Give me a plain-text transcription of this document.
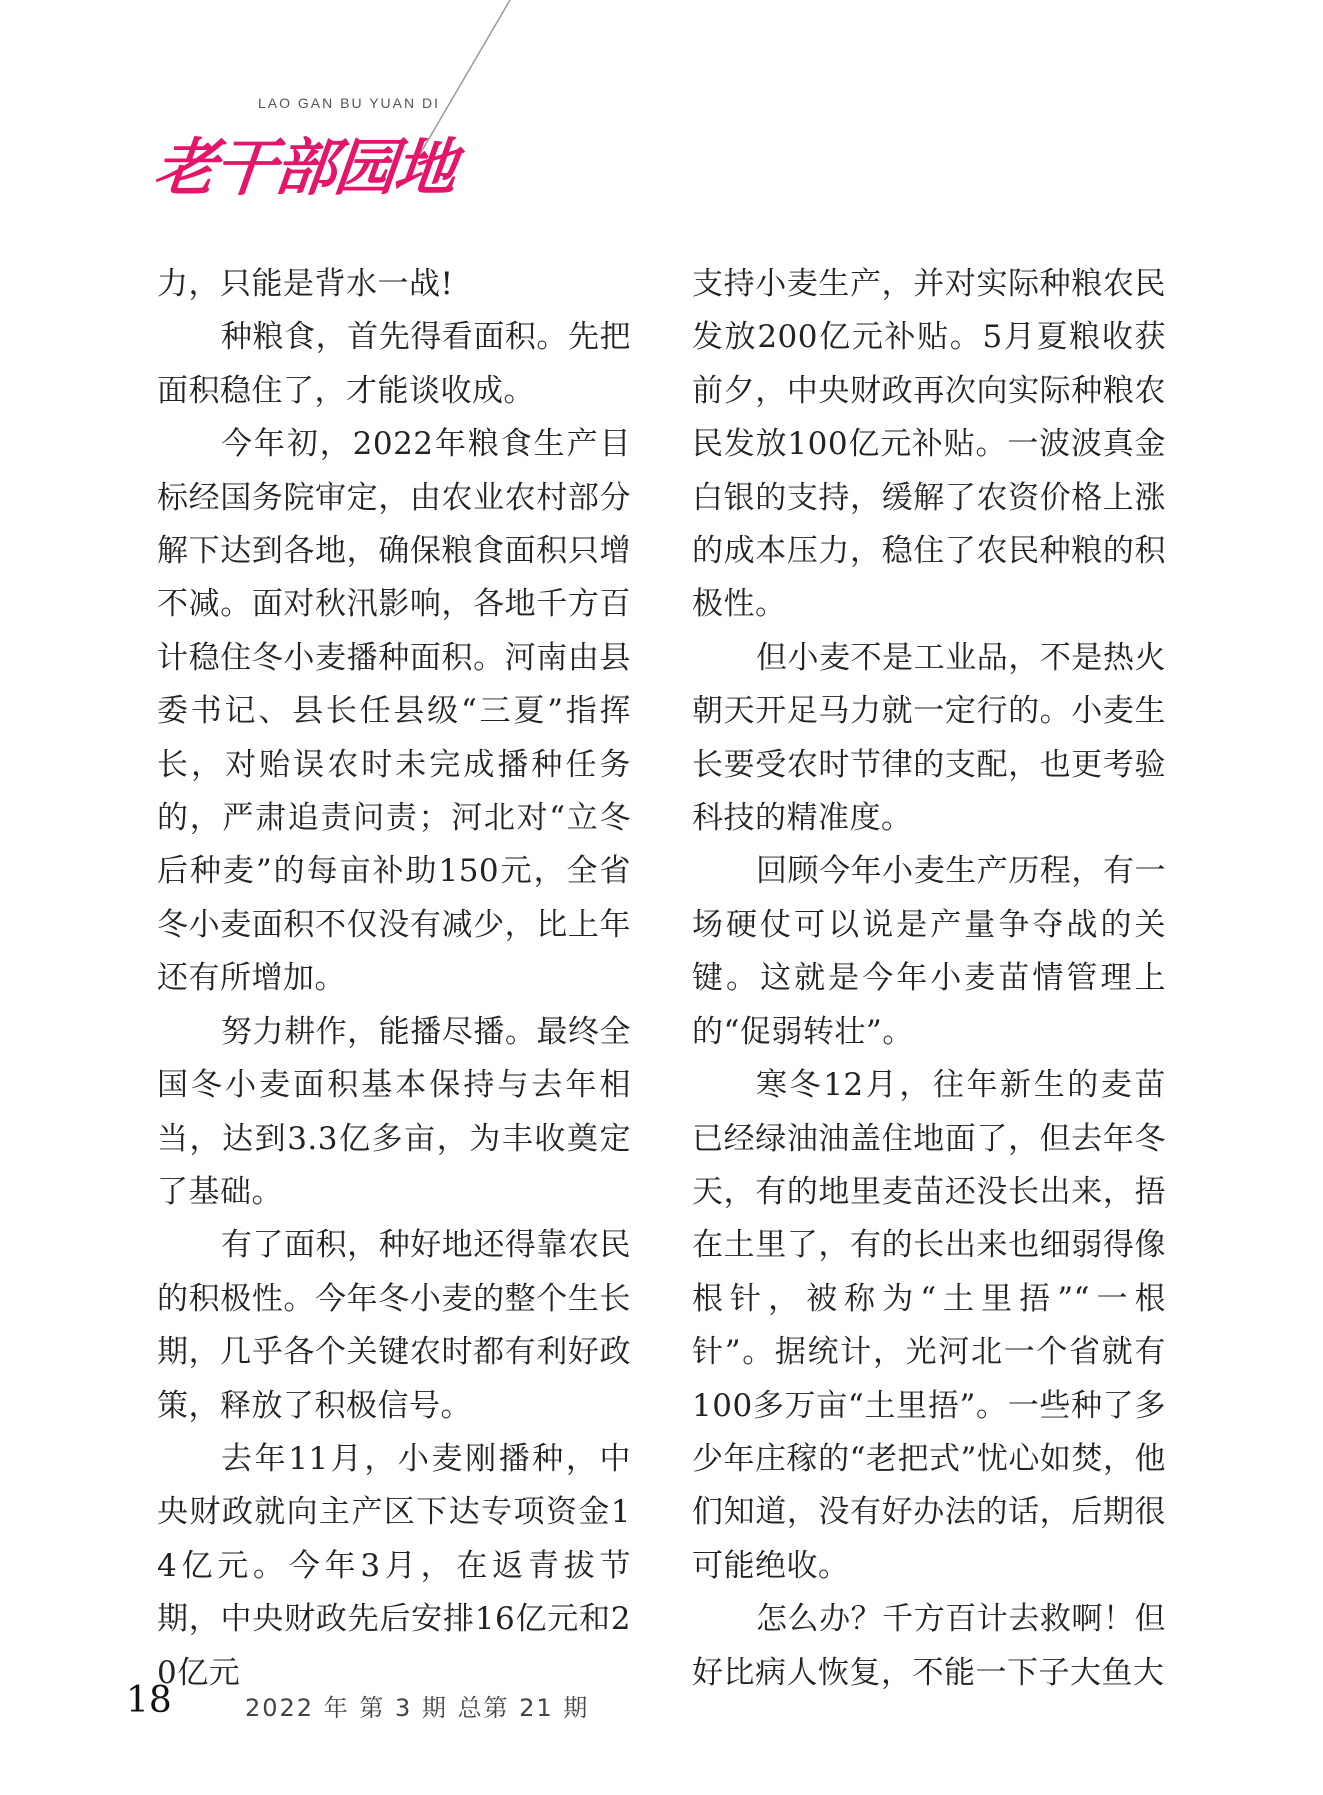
LAO GAN BU YUAN DI
老干部园地

力，只能是背水一战!

种粮食，首先得看面积。先把面积稳住了，才能谈收成。

今年初，2022年粮食生产目标经国务院审定，由农业农村部分解下达到各地，确保粮食面积只增不减。面对秋汛影响，各地千方百计稳住冬小麦播种面积。河南由县委书记、县长任县级“三夏”指挥长，对贻误农时未完成播种任务的，严肃追责问责；河北对“立冬后种麦”的每亩补助150元，全省冬小麦面积不仅没有减少，比上年还有所增加。

努力耕作，能播尽播。最终全国冬小麦面积基本保持与去年相当，达到3.3亿多亩，为丰收奠定了基础。

有了面积，种好地还得靠农民的积极性。今年冬小麦的整个生长期，几乎各个关键农时都有利好政策，释放了积极信号。

去年11月，小麦刚播种，中央财政就向主产区下达专项资金14亿元。今年3月，在返青拔节期，中央财政先后安排16亿元和20亿元

支持小麦生产，并对实际种粮农民发放200亿元补贴。5月夏粮收获前夕，中央财政再次向实际种粮农民发放100亿元补贴。一波波真金白银的支持，缓解了农资价格上涨的成本压力，稳住了农民种粮的积极性。

但小麦不是工业品，不是热火朝天开足马力就一定行的。小麦生长要受农时节律的支配，也更考验科技的精准度。

回顾今年小麦生产历程，有一场硬仗可以说是产量争夺战的关键。这就是今年小麦苗情管理上的“促弱转壮”。

寒冬12月，往年新生的麦苗已经绿油油盖住地面了，但去年冬天，有的地里麦苗还没长出来，捂在土里了，有的长出来也细弱得像根针，被称为“土里捂”“一根针”。据统计，光河北一个省就有100多万亩“土里捂”。一些种了多少年庄稼的“老把式”忧心如焚，他们知道，没有好办法的话，后期很可能绝收。

怎么办？千方百计去救啊！但好比病人恢复，不能一下子大鱼大

18	2022 年 第 3 期 总第 21 期
